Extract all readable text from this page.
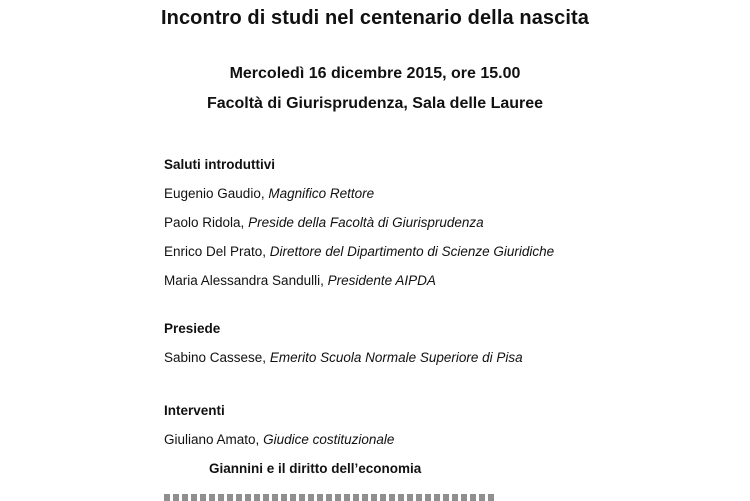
Incontro di studi nel centenario della nascita
Mercoledì 16 dicembre 2015, ore 15.00
Facoltà di Giurisprudenza, Sala delle Lauree
Saluti introduttivi
Eugenio Gaudio, Magnifico Rettore
Paolo Ridola, Preside della Facoltà di Giurisprudenza
Enrico Del Prato, Direttore del Dipartimento di Scienze Giuridiche
Maria Alessandra Sandulli, Presidente AIPDA
Presiede
Sabino Cassese, Emerito Scuola Normale Superiore di Pisa
Interventi
Giuliano Amato, Giudice costituzionale
Giannini e il diritto dell’economia
